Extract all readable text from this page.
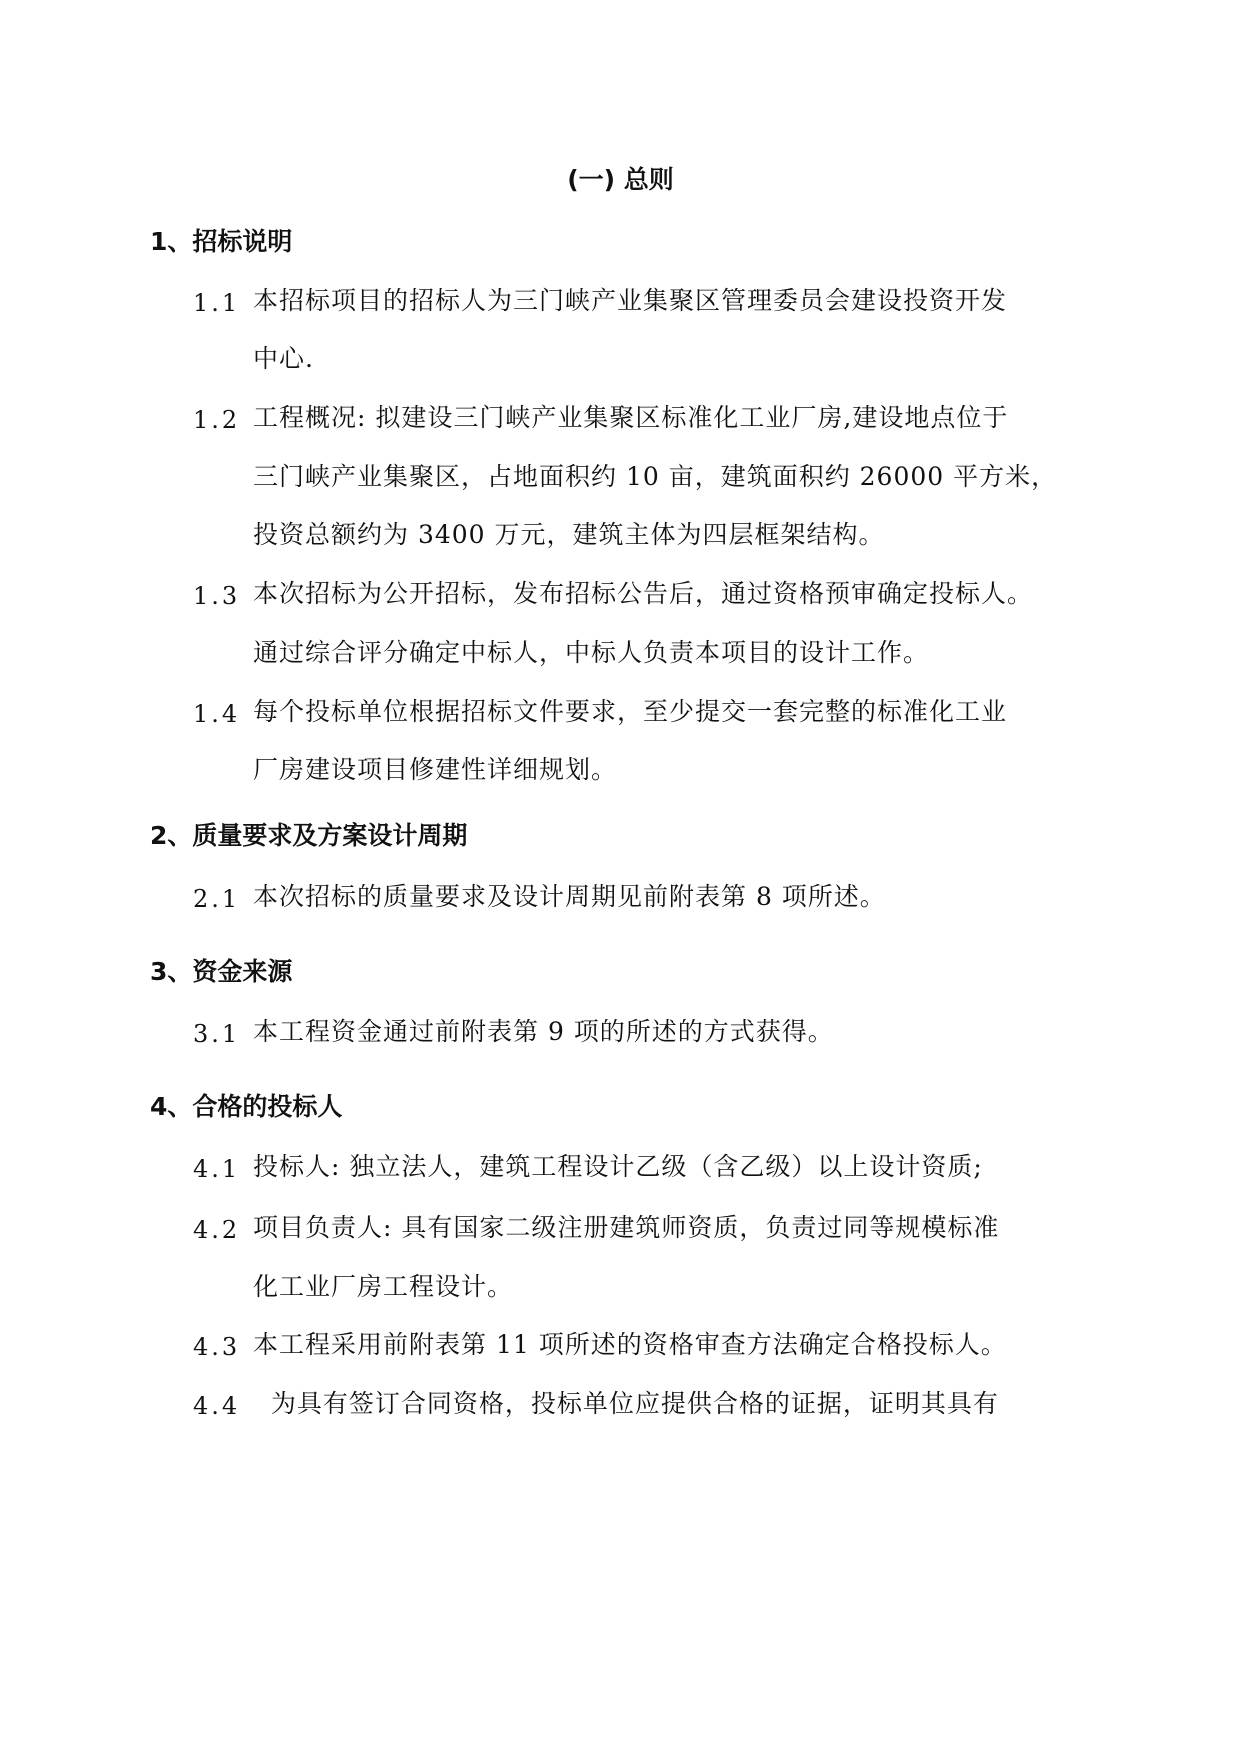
(一) 总则
1、招标说明
1.1 本招标项目的招标人为三门峡产业集聚区管理委员会建设投资开发
中心.
1.2 工程概况: 拟建设三门峡产业集聚区标准化工业厂房,建设地点位于
三门峡产业集聚区，占地面积约 10 亩，建筑面积约 26000 平方米，
投资总额约为 3400 万元，建筑主体为四层框架结构。
1.3 本次招标为公开招标，发布招标公告后，通过资格预审确定投标人。
通过综合评分确定中标人，中标人负责本项目的设计工作。
1.4 每个投标单位根据招标文件要求，至少提交一套完整的标准化工业
厂房建设项目修建性详细规划。
2、质量要求及方案设计周期
2.1 本次招标的质量要求及设计周期见前附表第 8 项所述。
3、资金来源
3.1 本工程资金通过前附表第 9 项的所述的方式获得。
4、合格的投标人
4.1 投标人: 独立法人，建筑工程设计乙级（含乙级）以上设计资质;
4.2 项目负责人: 具有国家二级注册建筑师资质，负责过同等规模标准
化工业厂房工程设计。
4.3 本工程采用前附表第 11 项所述的资格审查方法确定合格投标人。
4.4 为具有签订合同资格，投标单位应提供合格的证据，证明其具有
